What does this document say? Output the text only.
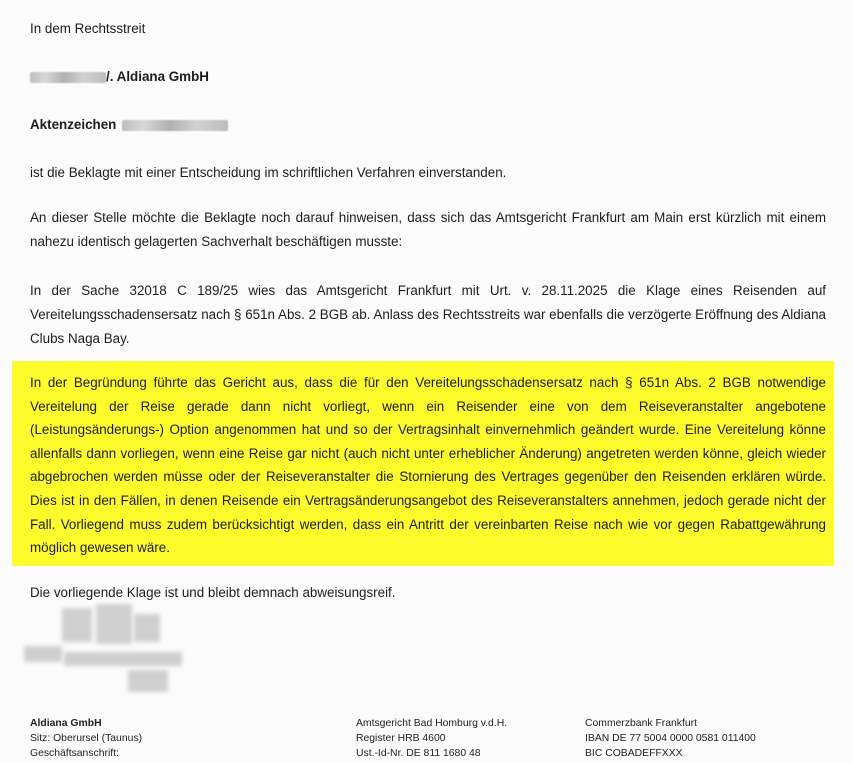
In dem Rechtsstreit
/. Aldiana GmbH
Aktenzeichen
ist die Beklagte mit einer Entscheidung im schriftlichen Verfahren einverstanden.

An dieser Stelle möchte die Beklagte noch darauf hinweisen, dass sich das Amtsgericht Frankfurt am Main erst kürzlich mit einem nahezu identisch gelagerten Sachverhalt beschäftigen musste:

In der Sache 32018 C 189/25 wies das Amtsgericht Frankfurt mit Urt. v. 28.11.2025 die Klage eines Reisenden auf Vereitelungsschadensersatz nach § 651n Abs. 2 BGB ab. Anlass des Rechtsstreits war ebenfalls die verzögerte Eröffnung des Aldiana Clubs Naga Bay.

In der Begründung führte das Gericht aus, dass die für den Vereitelungsschadensersatz nach § 651n Abs. 2 BGB notwendige Vereitelung der Reise gerade dann nicht vorliegt, wenn ein Reisender eine von dem Reiseveranstalter angebotene (Leistungsänderungs-) Option angenommen hat und so der Vertragsinhalt einvernehmlich geändert wurde. Eine Vereitelung könne allenfalls dann vorliegen, wenn eine Reise gar nicht (auch nicht unter erheblicher Änderung) angetreten werden könne, gleich wieder abgebrochen werden müsse oder der Reiseveranstalter die Stornierung des Vertrages gegenüber den Reisenden erklären würde. Dies ist in den Fällen, in denen Reisende ein Vertragsänderungsangebot des Reiseveranstalters annehmen, jedoch gerade nicht der Fall. Vorliegend muss zudem berücksichtigt werden, dass ein Antritt der vereinbarten Reise nach wie vor gegen Rabattgewährung möglich gewesen wäre.

Die vorliegende Klage ist und bleibt demnach abweisungsreif.
Aldiana GmbH
Sitz: Oberursel (Taunus)
Geschäftsanschrift:
Amtsgericht Bad Homburg v.d.H.
Register HRB 4600
Ust.-Id-Nr. DE 811 1680 48
Commerzbank Frankfurt
IBAN DE 77 5004 0000 0581 011400
BIC COBADEFFXXX
